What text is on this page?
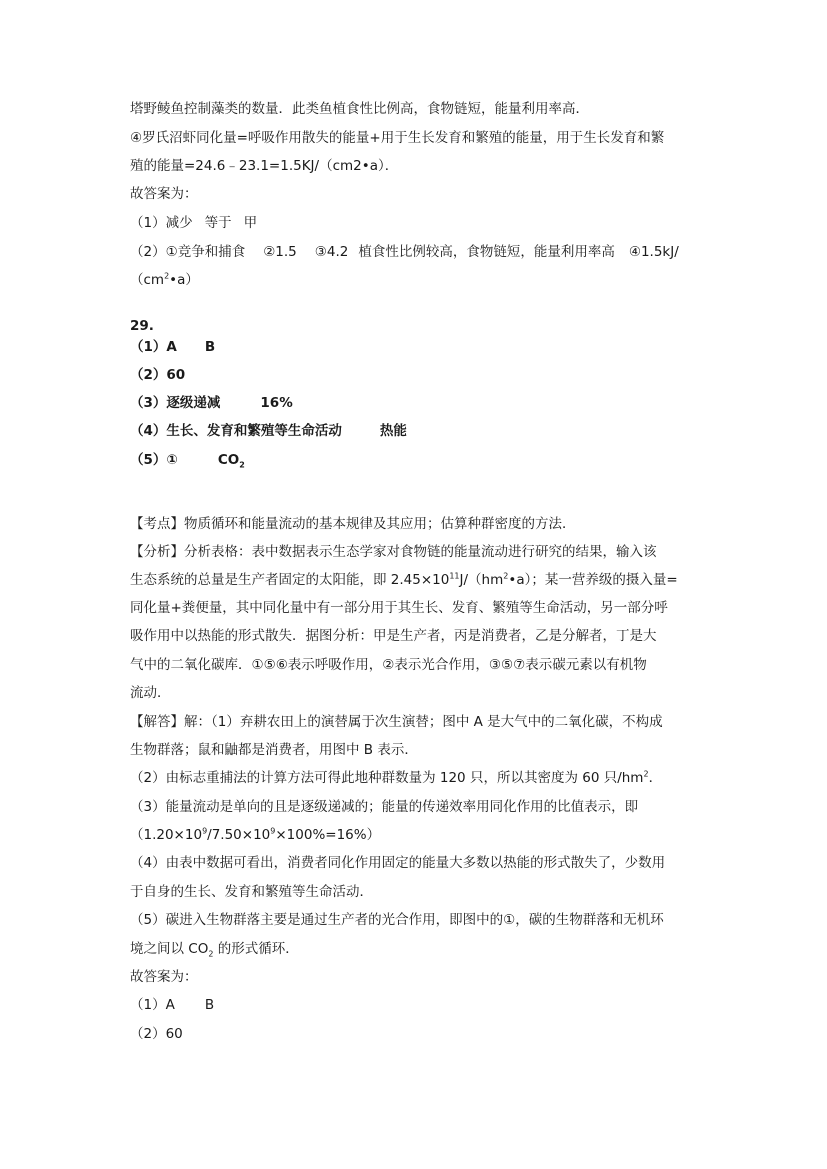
塔野鲮鱼控制藻类的数量．此类鱼植食性比例高，食物链短，能量利用率高．
④罗氏沼虾同化量=呼吸作用散失的能量+用于生长发育和繁殖的能量，用于生长发育和繁
殖的能量=24.6﹣23.1=1.5KJ/（cm2•a）．
故答案为：
（1）减少 等于 甲
（2）①竞争和捕食 ②1.5 ③4.2 植食性比例较高，食物链短，能量利用率高 ④1.5kJ/
$(cm^2•a)$
29.
（1）A B
（2）60
（3）逐级递减	16%
（4）生长、发育和繁殖等生命活动	热能
（5）①	$CO_2$
【考点】物质循环和能量流动的基本规律及其应用；估算种群密度的方法．
【分析】分析表格：表中数据表示生态学家对食物链的能量流动进行研究的结果，输入该
生态系统的总量是生产者固定的太阳能，即 $2.45\times 10^{11}J/(hm^2•a)$；某一营养级的摄入量=
同化量+粪便量，其中同化量中有一部分用于其生长、发育、繁殖等生命活动，另一部分呼
吸作用中以热能的形式散失．据图分析：甲是生产者，丙是消费者，乙是分解者，丁是大
气中的二氧化碳库．①⑤⑥表示呼吸作用，②表示光合作用，③⑤⑦表示碳元素以有机物
流动．
【解答】解：（1）弃耕农田上的演替属于次生演替；图中 A 是大气中的二氧化碳，不构成
生物群落；鼠和鼬都是消费者，用图中 B 表示．
（2）由标志重捕法的计算方法可得此地种群数量为 120 只，所以其密度为 60 只$/hm^2$．
（3）能量流动是单向的且是逐级递减的；能量的传递效率用同化作用的比值表示，即
$(1.20\times 10^9/7.50\times 10^9\times 100\%=16\%)$
（4）由表中数据可看出，消费者同化作用固定的能量大多数以热能的形式散失了，少数用
于自身的生长、发育和繁殖等生命活动．
（5）碳进入生物群落主要是通过生产者的光合作用，即图中的①，碳的生物群落和无机环
境之间以 $CO_2$ 的形式循环．
故答案为：
（1）A B
（2）60
